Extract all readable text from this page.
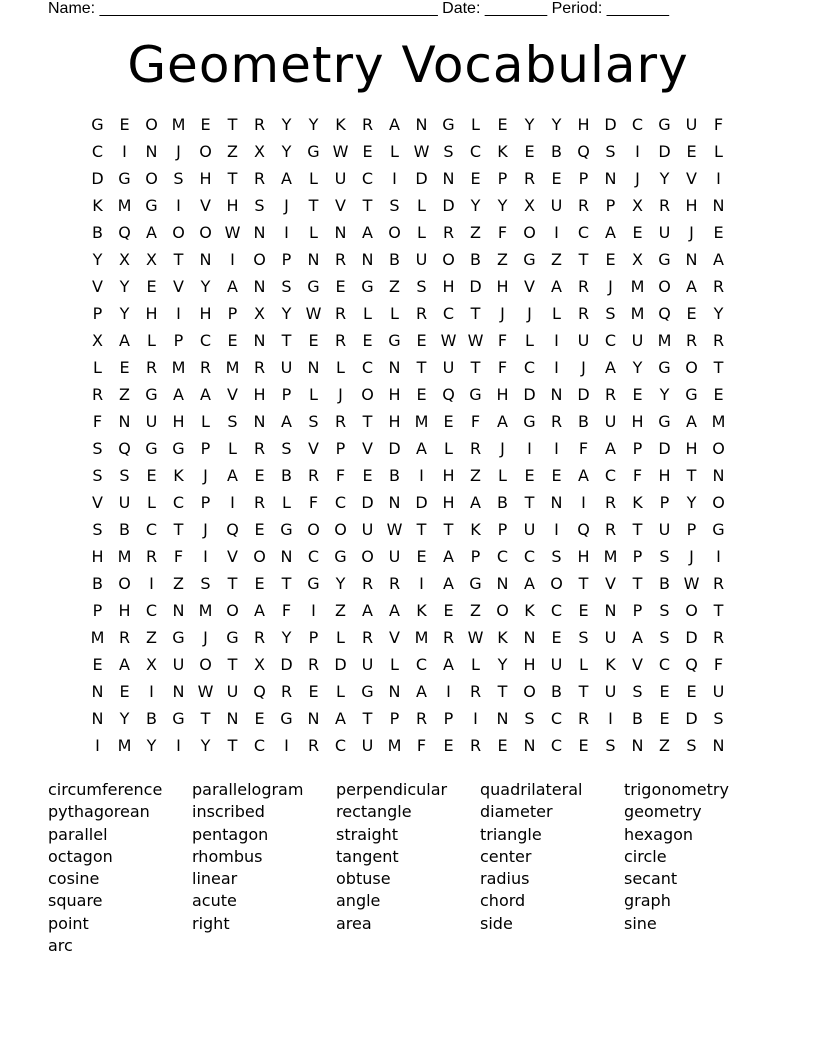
Name: ______________________________________ Date: _______ Period: _______
Geometry Vocabulary
G E O M E	T	R	Y	Y	K	R A N G	L	E	Y	Y	H D C G U	F
C	I	N	J	O Z	X	Y G W E	L W S	C	K	E	B Q S	I	D E	L
D G O S H	T	R A	L	U C	I	D N E	P	R	E	P	N	J	Y	V	I
K M G	I	V H S	J	T	V	T	S	L	D Y	Y	X U R	P	X R H N
B Q A O O W N	I	L	N A O	L	R Z	F	O	I	C A	E	U	J	E
Y	X	X	T	N	I	O P	N R N B U O B	Z G Z	T	E	X G N A
V	Y	E	V	Y	A N S G E G Z	S H D H V	A R	J	M O A R
P	Y	H	I	H	P	X	Y W R	L	L	R C	T	J	J	L	R	S M Q E	Y
X	A	L	P	C	E N	T	E	R	E G E W W F	L	I	U C U M R R
L	E	R M R M R U N	L	C N	T	U	T	F	C	I	J	A	Y G O T
R Z G A	A	V H	P	L	J	O H E Q G H D N D R	E	Y G E
F	N U H	L	S N A	S	R	T	H M E	F	A G R B U H G A M
S Q G G P	L	R	S	V	P	V D A	L	R	J	I	I	F	A	P	D H O
S	S	E	K	J	A	E	B R	F	E	B	I	H Z	L	E	E	A C	F	H	T	N
V U	L	C	P	I	R	L	F	C D N D H A	B	T	N	I	R	K	P	Y O
S	B C	T	J	Q E G O O U W T	T	K	P	U	I	Q R	T	U	P G
H M R	F	I	V O N C G O U	E	A	P	C C	S H M P	S	J	I
B O	I	Z	S	T	E	T G Y	R R	I	A G N A O T	V	T	B W R
P	H C N M O A	F	I	Z	A	A	K	E	Z O K	C	E N	P	S O T
M R Z G	J	G R	Y	P	L	R V M R W K N E	S	U A	S D R
E	A	X U O T	X D R D U	L	C A	L	Y	H U	L	K	V C Q	F
N E	I	N W U Q R	E	L	G N A	I	R	T O B	T	U	S	E	E	U
N	Y	B G T	N E G N A	T	P	R	P	I	N S	C R	I	B	E D S
I	M Y	I	Y	T	C	I	R C U M F	E	R	E N C	E	S N Z	S N
circumference	parallelogram	perpendicular	quadrilateral	trigonometry
pythagorean	inscribed	rectangle	diameter	geometry
parallel	pentagon	straight	triangle	hexagon
octagon	rhombus	tangent	center	circle
cosine	linear	obtuse	radius	secant
square	acute	angle	chord	graph
point	right	area	side	sine
arc
